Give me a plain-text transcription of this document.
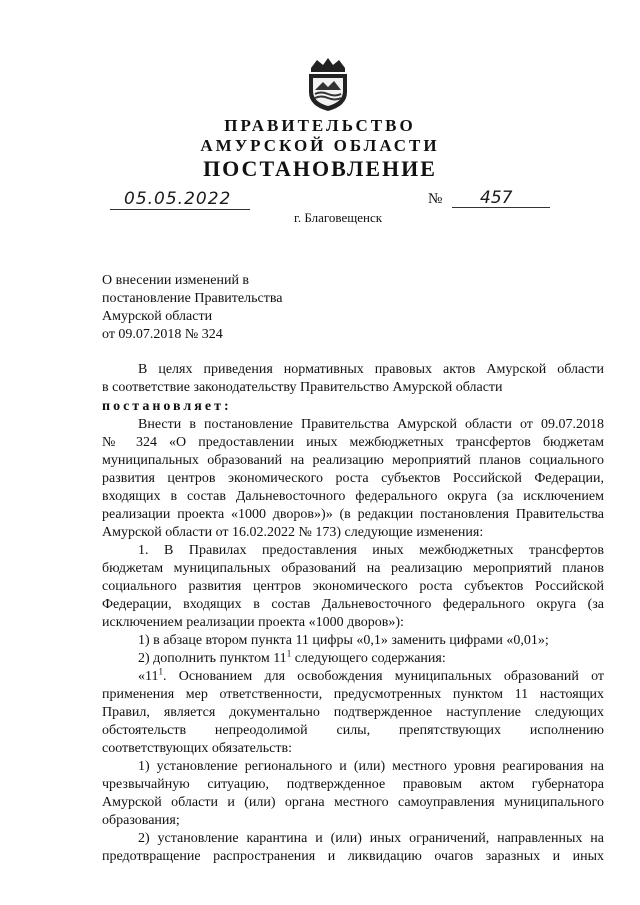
ПРАВИТЕЛЬСТВО
АМУРСКОЙ ОБЛАСТИ
ПОСТАНОВЛЕНИЕ
05.05.2022	№ 457
г. Благовещенск
О внесении изменений в
постановление Правительства
Амурской области
от 09.07.2018 № 324
В целях приведения нормативных правовых актов Амурской области
в соответствие законодательству Правительство Амурской области
постановляет:
Внести в постановление Правительства Амурской области от 09.07.2018
№ 324 «О предоставлении иных межбюджетных трансфертов бюджетам
муниципальных образований на реализацию мероприятий планов социального
развития центров экономического роста субъектов Российской Федерации,
входящих в состав Дальневосточного федерального округа (за исключением
реализации проекта «1000 дворов»)» (в редакции постановления Правительства
Амурской области от 16.02.2022 № 173) следующие изменения:
1. В Правилах предоставления иных межбюджетных трансфертов
бюджетам муниципальных образований на реализацию мероприятий планов
социального развития центров экономического роста субъектов Российской
Федерации, входящих в состав Дальневосточного федерального округа (за
исключением реализации проекта «1000 дворов»):
1) в абзаце втором пункта 11 цифры «0,1» заменить цифрами «0,01»;
2) дополнить пунктом $11^1$ следующего содержания:
«$11^1$. Основанием для освобождения муниципальных образований от
применения мер ответственности, предусмотренных пунктом 11 настоящих
Правил, является документально подтвержденное наступление следующих
обстоятельств непреодолимой силы, препятствующих исполнению
соответствующих обязательств:
1) установление регионального и (или) местного уровня реагирования на
чрезвычайную ситуацию, подтвержденное правовым актом губернатора
Амурской области и (или) органа местного самоуправления муниципального
образования;
2) установление карантина и (или) иных ограничений, направленных на
предотвращение распространения и ликвидацию очагов заразных и иных
